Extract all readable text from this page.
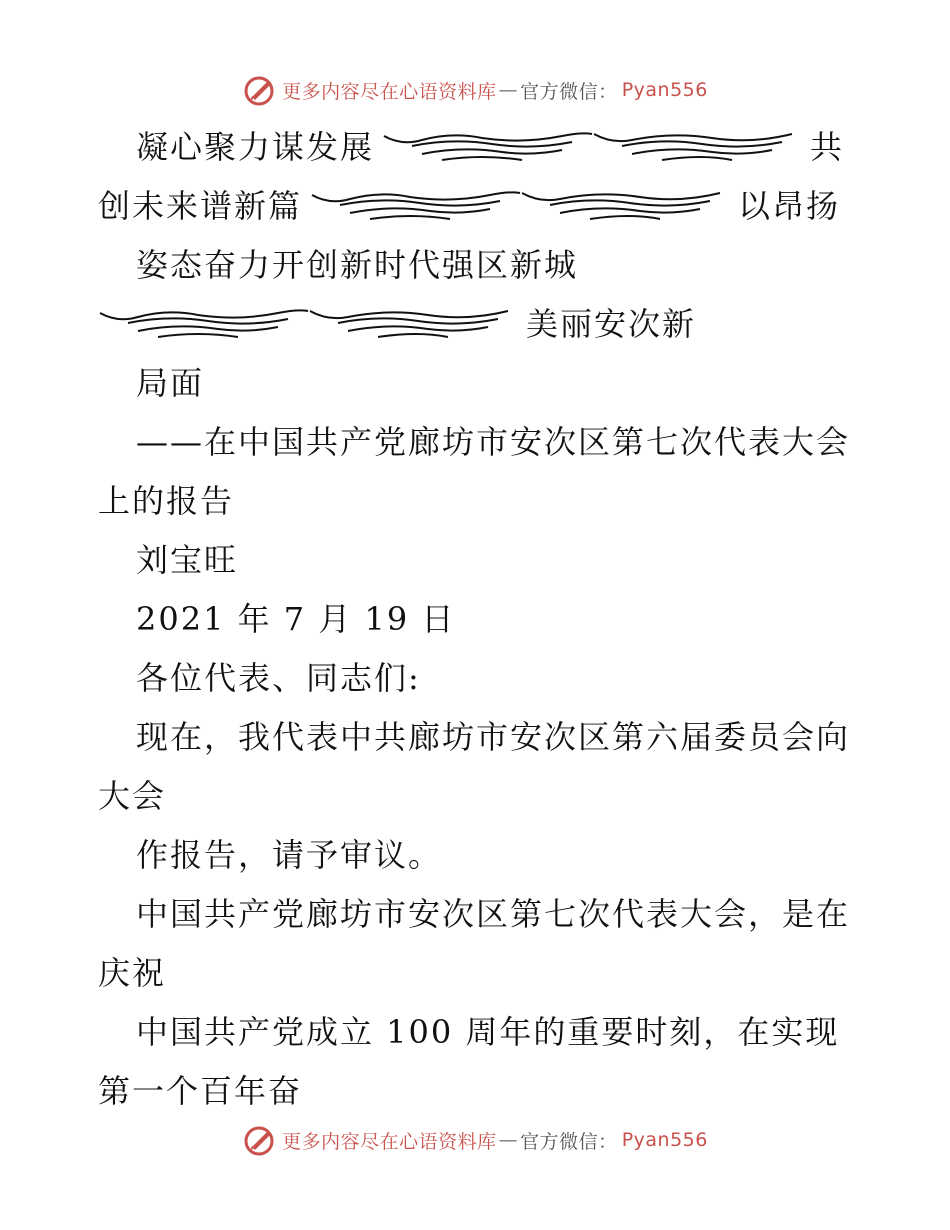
更多内容尽在心语资料库 — 官方微信： Pyan556
凝心聚力谋发展	共
创未来谱新篇	以昂扬
姿态奋力开创新时代强区新城
美丽安次新
局面
——在中国共产党廊坊市安次区第七次代表大会
上的报告
刘宝旺
2021 年 7 月 19 日
各位代表、同志们:
现在，我代表中共廊坊市安次区第六届委员会向
大会
作报告，请予审议。
中国共产党廊坊市安次区第七次代表大会，是在
庆祝
中国共产党成立 100 周年的重要时刻，在实现
第一个百年奋
更多内容尽在心语资料库 — 官方微信： Pyan556
